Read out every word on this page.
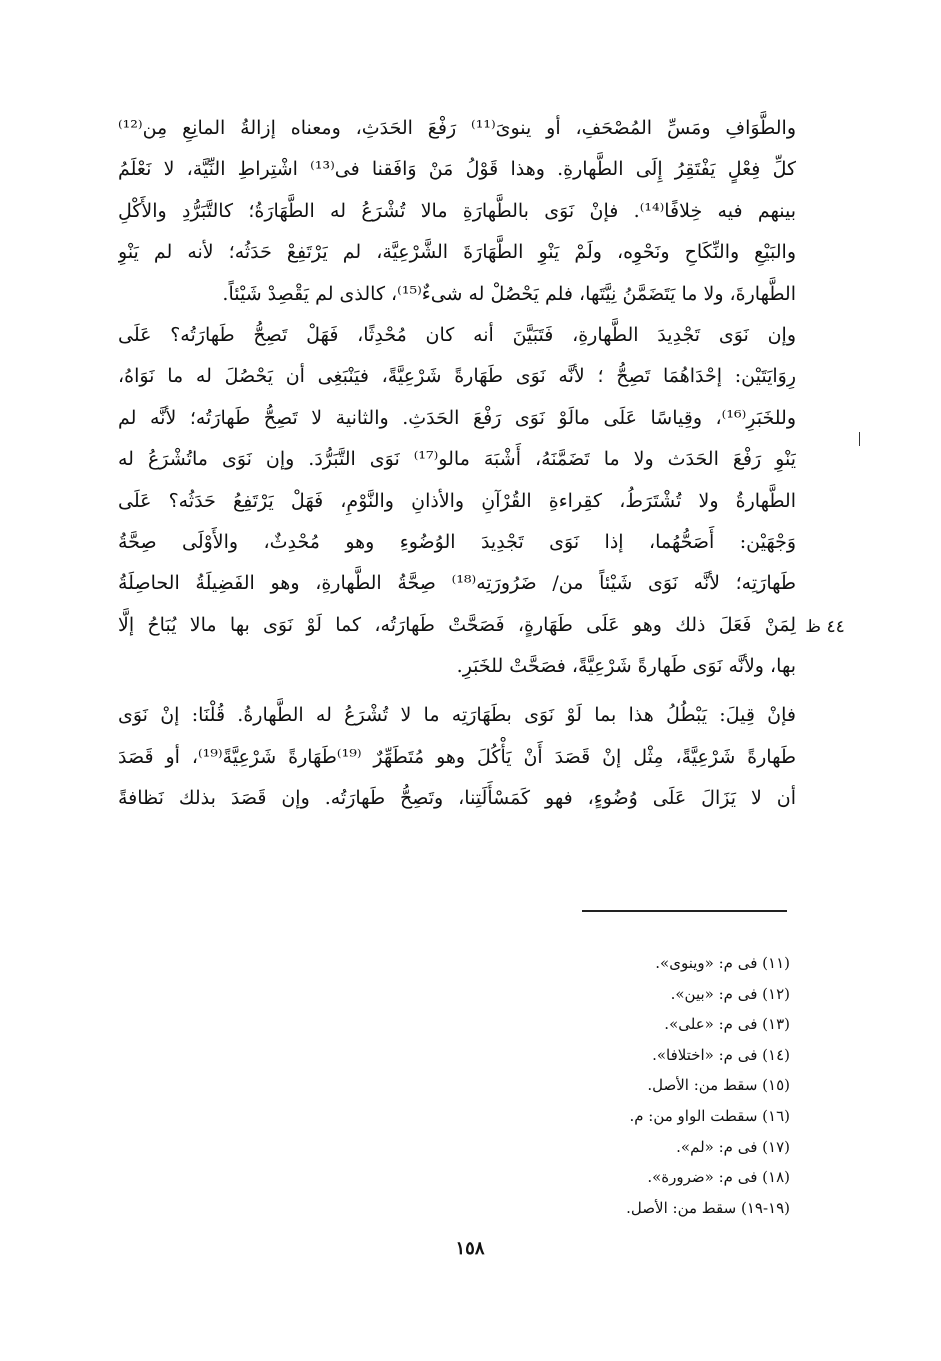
والطَّوَافِ ومَسِّ المُصْحَفِ، أو ينوىَ⁽¹¹⁾ رَفْعَ الحَدَثِ، ومعناه إزالةُ المانِعِ مِن⁽¹²⁾
كلِّ فِعْلٍ يَفْتَقِرُ إِلَى الطَّهارةِ. وهذا قَوْلُ مَنْ وَافَقنا فى⁽¹³⁾ اشْتِراطِ النِّيَّة، لا نَعْلَمُ
بينهم فيه خِلافًا⁽¹⁴⁾. فإنْ نَوَى بالطَّهارَةِ مالا تُشْرَعُ له الطَّهَارَةُ؛ كالتَّبَرُّدِ والأَكْلِ
والبَيْعِ والنِّكَاحِ ونَحْوِه، ولَمْ يَنْوِ الطَّهَارَةَ الشَّرْعِيَّة، لم يَرْتَفِعْ حَدَثُه؛ لأنه لم يَنْوِ
الطَّهارةَ، ولا ما يَتَضَمَّنُ نِيَّتَها، فلم يَحْصُلْ له شىءٌ⁽¹⁵⁾، كالذى لم يَقْصِدْ شَيْئاً.
وإن نَوَى تَجْدِيدَ الطَّهارةِ، فَتَبَيَّنَ أنه كان مُحْدِثًا، فَهَلْ تَصِحُّ طَهارَتُه؟ عَلَى
رِوَايَتَيْن: إحْدَاهُمَا تَصِحُّ ؛ لأنَّه نَوَى طَهَارةً شَرْعِيَّةً، فيَنْبَغِى أن يَحْصُلَ له ما نَوَاهُ،
وللخَبَرِ⁽¹⁶⁾، وقِياسًا عَلَى مالَوْ نَوَى رَفْعَ الحَدَثِ. والثانية لا تَصِحُّ طَهارَتُه؛ لأنَّه لم
يَنْوِ رَفْعَ الحَدَث ولا ما تَضَمَّنَهُ، أَشْبَهَ مالو⁽¹⁷⁾ نَوَى التَّبَرُّدَ. وإن نَوَى ماتُشْرَعُ له
الطَّهارةُ ولا تُشْتَرَطُ، كقِراءةِ القُرْآنِ والأذانِ والنَّوْمِ، فَهَلْ يَرْتَفِعُ حَدَثُه؟ عَلَى
وَجْهَيْن: أَصَحُّهُما، إذا نَوَى تَجْدِيدَ الوُضُوءِ وهو مُحْدِثٌ، والأَوْلَى صِحَّةُ
طَهارَتِه؛ لأنَّه نَوَى شَيْئاً من/ ضَرُورَتِه⁽¹⁸⁾ صِحَّةُ الطَّهارةِ، وهو الفَضِيلَةُ الحاصِلَةُ
لِمَنْ فَعَلَ ذلك وهو عَلَى طَهَارةٍ، فَصَحَّتْ طَهارَتُه، كما لَوْ نَوَى بها مالا يُبَاحُ إلَّا
بها، ولأنَّه نَوَى طَهارةً شَرْعِيَّةً، فصَحَّتْ للخَبَرِ.
فإنْ قِيلَ: يَبْطُلُ هذا بما لَوْ نَوَى بطَهَارَتِه ما لا تُشْرَعُ له الطَّهارةُ. قُلْنَا: إنْ نَوَى
طَهارةً شَرْعِيَّةً، مِثْل إنْ قَصَدَ أَنْ يَأْكُلَ وهو مُتَطَهِّرٌ ⁽¹⁹⁾طَهَارةً شَرْعِيَّةً⁽¹⁹⁾، أو قَصَدَ
أن لا يَزَالَ عَلَى وُضُوءٍ، فهو كَمَسْأَلَتِنا، وتَصِحُّ طَهارَتُه. وإن قَصَدَ بذلك نَظافةً
٤٤ ظ
(١١) فى م: «وينوى».
(١٢) فى م: «بين».
(١٣) فى م: «على».
(١٤) فى م: «اختلافا».
(١٥) سقط من: الأصل.
(١٦) سقطت الواو من: م.
(١٧) فى م: «لم».
(١٨) فى م: «ضرورة».
(١٩-١٩) سقط من: الأصل.
١٥٨
